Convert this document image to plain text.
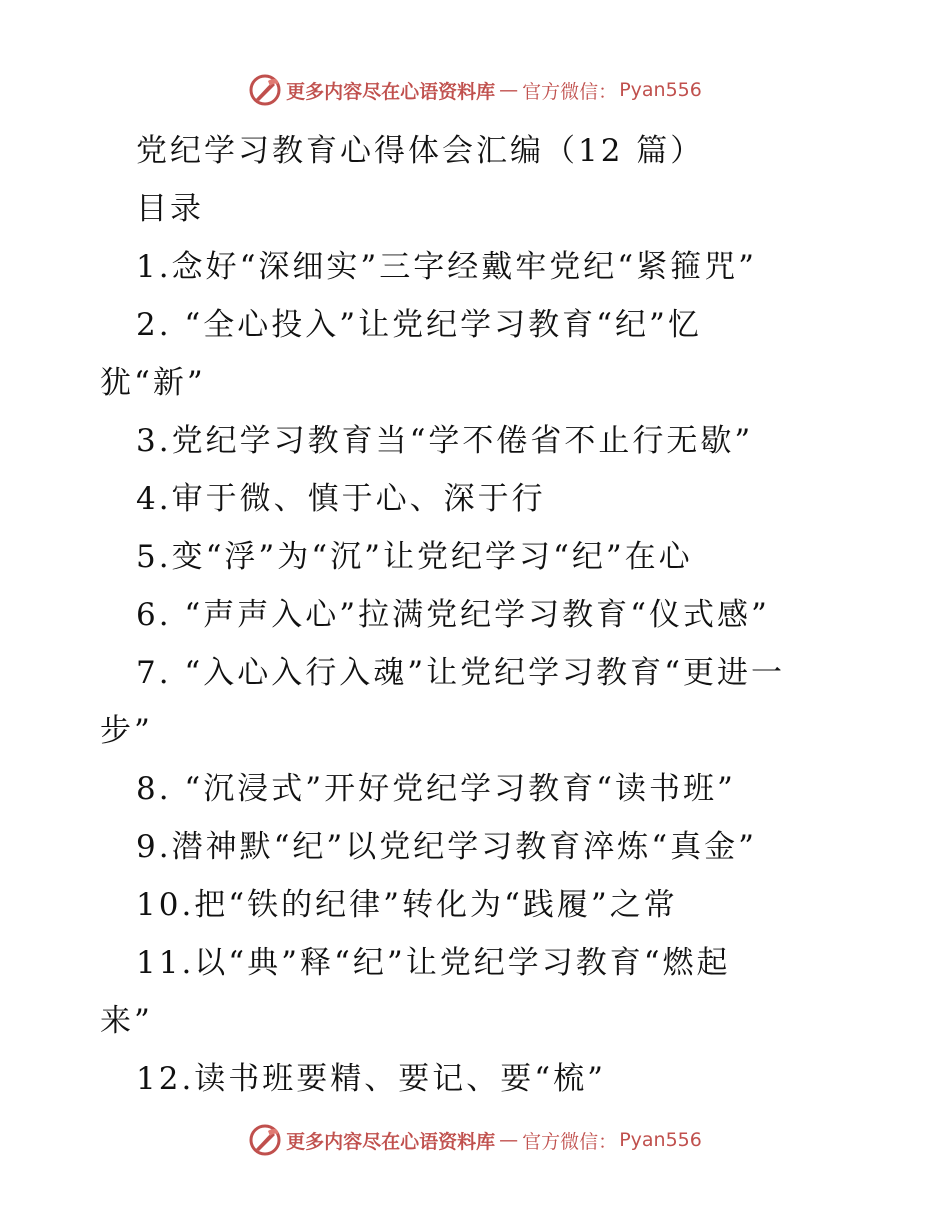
更多内容尽在心语资料库 — 官方微信： Pyan556
党纪学习教育心得体会汇编（12 篇）
目录
1.念好“深细实”三字经戴牢党纪“紧箍咒”
2. “全心投入”让党纪学习教育“纪”忆
犹“新”
3.党纪学习教育当“学不倦省不止行无歇”
4.审于微、慎于心、深于行
5.变“浮”为“沉”让党纪学习“纪”在心
6. “声声入心”拉满党纪学习教育“仪式感”
7. “入心入行入魂”让党纪学习教育“更进一
步”
8. “沉浸式”开好党纪学习教育“读书班”
9.潜神默“纪”以党纪学习教育淬炼“真金”
10.把“铁的纪律”转化为“践履”之常
11.以“典”释“纪”让党纪学习教育“燃起
来”
12.读书班要精、要记、要“梳”
更多内容尽在心语资料库 — 官方微信： Pyan556
